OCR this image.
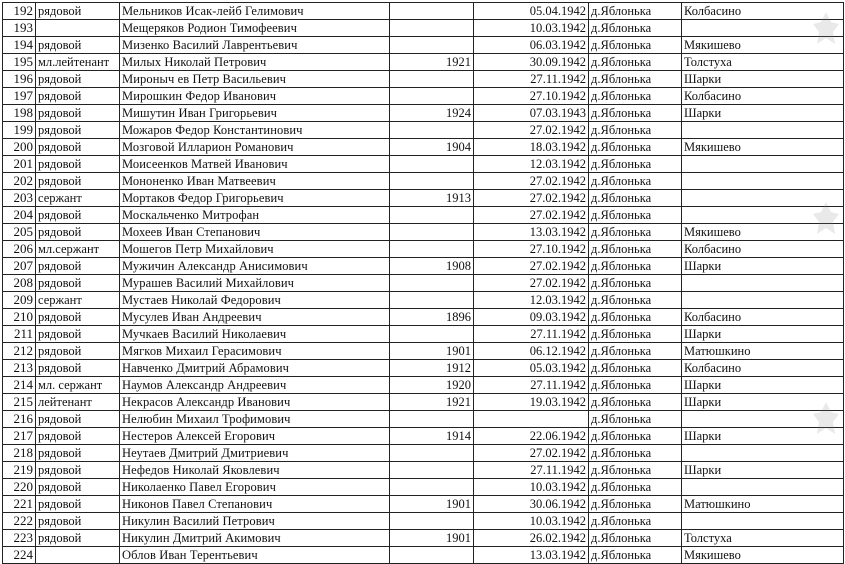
192	рядовой	Мельников Исак-лейб Гелимович		05.04.1942	д.Яблонька	Колбасино
193		Мещеряков Родион Тимофеевич		10.03.1942	д.Яблонька	
194	рядовой	Мизенко Василий Лаврентьевич		06.03.1942	д.Яблонька	Мякишево
195	мл.лейтенант	Милых Николай Петрович	1921	30.09.1942	д.Яблонька	Толстуха
196	рядовой	Мироныч ев Петр Васильевич		27.11.1942	д.Яблонька	Шарки
197	рядовой	Мирошкин Федор Иванович		27.10.1942	д.Яблонька	Колбасино
198	рядовой	Мишутин Иван Григорьевич	1924	07.03.1943	д.Яблонька	Шарки
199	рядовой	Можаров Федор Константинович		27.02.1942	д.Яблонька	
200	рядовой	Мозговой Илларион Романович	1904	18.03.1942	д.Яблонька	Мякишево
201	рядовой	Моисеенков Матвей Иванович		12.03.1942	д.Яблонька	
202	рядовой	Мононенко Иван Матвеевич		27.02.1942	д.Яблонька	
203	сержант	Мортаков Федор Григорьевич	1913	27.02.1942	д.Яблонька	
204	рядовой	Москальченко Митрофан		27.02.1942	д.Яблонька	
205	рядовой	Мохеев Иван Степанович		13.03.1942	д.Яблонька	Мякишево
206	мл.сержант	Мошегов Петр Михайлович		27.10.1942	д.Яблонька	Колбасино
207	рядовой	Мужичин Александр Анисимович	1908	27.02.1942	д.Яблонька	Шарки
208	рядовой	Мурашев Василий Михайлович		27.02.1942	д.Яблонька	
209	сержант	Мустаев Николай Федорович		12.03.1942	д.Яблонька	
210	рядовой	Мусулев Иван Андреевич	1896	09.03.1942	д.Яблонька	Колбасино
211	рядовой	Мучкаев Василий Николаевич		27.11.1942	д.Яблонька	Шарки
212	рядовой	Мягков Михаил Герасимович	1901	06.12.1942	д.Яблонька	Матюшкино
213	рядовой	Навченко Дмитрий Абрамович	1912	05.03.1942	д.Яблонька	Колбасино
214	мл. сержант	Наумов Александр Андреевич	1920	27.11.1942	д.Яблонька	Шарки
215	лейтенант	Некрасов Александр Иванович	1921	19.03.1942	д.Яблонька	Шарки
216	рядовой	Нелюбин Михаил Трофимович			д.Яблонька	
217	рядовой	Нестеров Алексей Егорович	1914	22.06.1942	д.Яблонька	Шарки
218	рядовой	Неутаев Дмитрий Дмитриевич		27.02.1942	д.Яблонька	
219	рядовой	Нефедов Николай Яковлевич		27.11.1942	д.Яблонька	Шарки
220	рядовой	Николаенко Павел Егорович		10.03.1942	д.Яблонька	
221	рядовой	Никонов Павел Степанович	1901	30.06.1942	д.Яблонька	Матюшкино
222	рядовой	Никулин Василий Петрович		10.03.1942	д.Яблонька	
223	рядовой	Никулин Дмитрий Акимович	1901	26.02.1942	д.Яблонька	Толстуха
224		Облов Иван Терентьевич		13.03.1942	д.Яблонька	Мякишево
